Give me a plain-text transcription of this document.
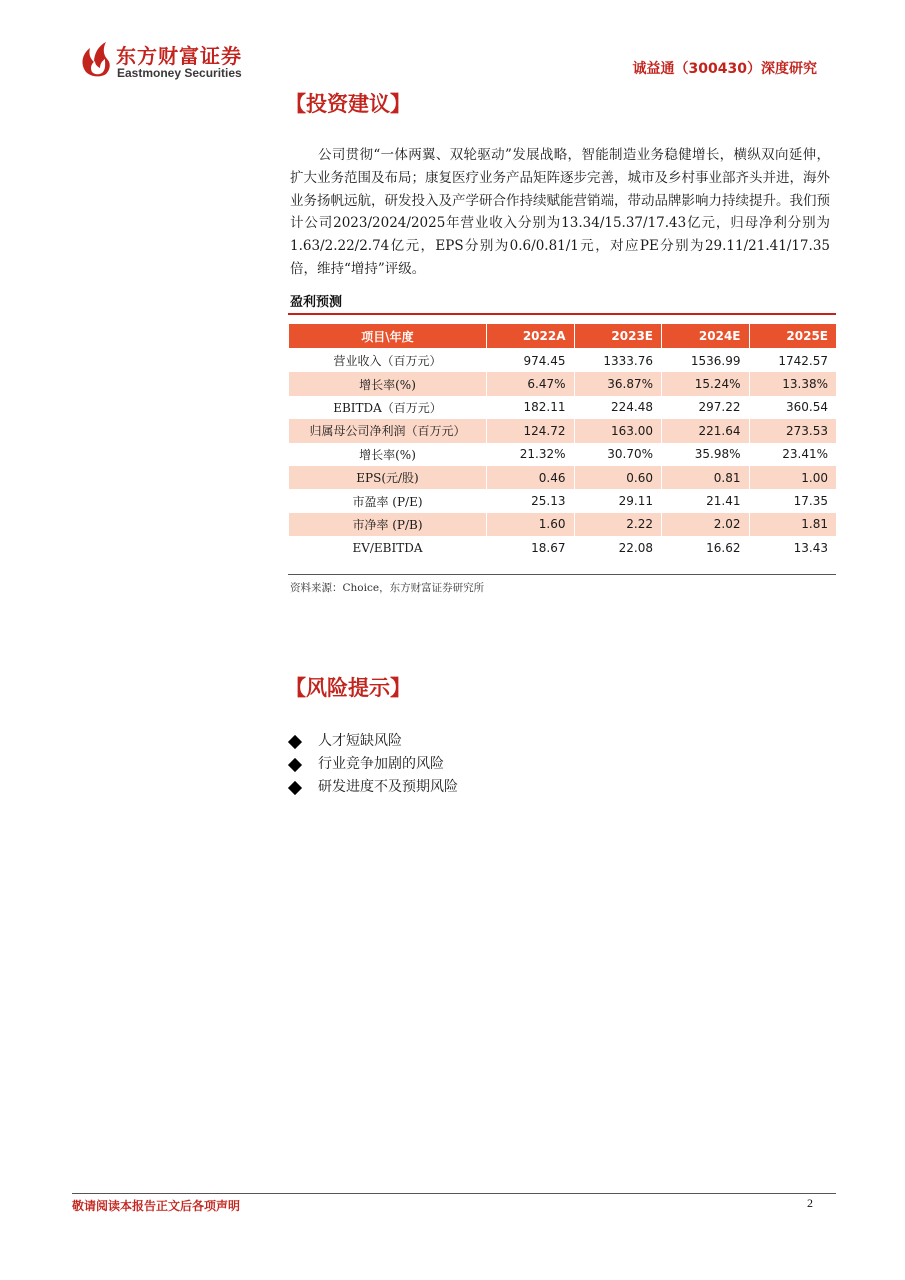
东方财富证券
Eastmoney Securities	诚益通（300430）深度研究
【投资建议】
公司贯彻“一体两翼、双轮驱动”发展战略，智能制造业务稳健增长，横纵双向延伸，扩大业务范围及布局；康复医疗业务产品矩阵逐步完善，城市及乡村事业部齐头并进，海外业务扬帆远航，研发投入及产学研合作持续赋能营销端，带动品牌影响力持续提升。我们预计公司2023/2024/2025年营业收入分别为13.34/15.37/17.43亿元，归母净利分别为1.63/2.22/2.74亿元，EPS分别为0.6/0.81/1元，对应PE分别为29.11/21.41/17.35倍，维持“增持”评级。
盈利预测
项目\年度	2022A	2023E	2024E	2025E
营业收入（百万元）	974.45	1333.76	1536.99	1742.57
增长率(%)	6.47%	36.87%	15.24%	13.38%
EBITDA（百万元）	182.11	224.48	297.22	360.54
归属母公司净利润（百万元）	124.72	163.00	221.64	273.53
增长率(%)	21.32%	30.70%	35.98%	23.41%
EPS(元/股)	0.46	0.60	0.81	1.00
市盈率 (P/E)	25.13	29.11	21.41	17.35
市净率 (P/B)	1.60	2.22	2.02	1.81
EV/EBITDA	18.67	22.08	16.62	13.43
资料来源：Choice，东方财富证券研究所
【风险提示】
人才短缺风险
行业竞争加剧的风险
研发进度不及预期风险
敬请阅读本报告正文后各项声明	2
